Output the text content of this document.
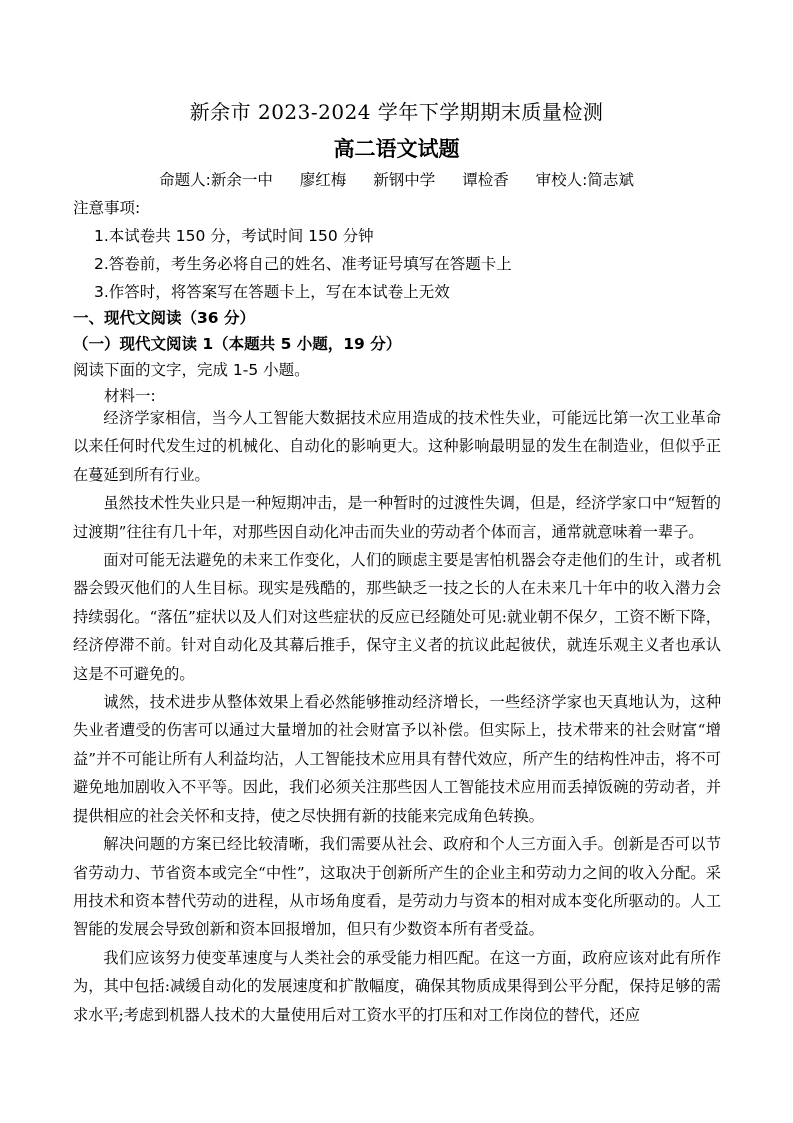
新余市 2023-2024 学年下学期期末质量检测
高二语文试题
命题人:新余一中 廖红梅 新钢中学 谭检香 审校人:简志斌
注意事项:
1.本试卷共 150 分，考试时间 150 分钟
2.答卷前，考生务必将自己的姓名、准考证号填写在答题卡上
3.作答时，将答案写在答题卡上，写在本试卷上无效
一、现代文阅读（36 分）
（一）现代文阅读 1（本题共 5 小题，19 分）
阅读下面的文字，完成 1-5 小题。
材料一:

经济学家相信，当今人工智能大数据技术应用造成的技术性失业，可能远比第一次工业革命以来任何时代发生过的机械化、自动化的影响更大。这种影响最明显的发生在制造业，但似乎正在蔓延到所有行业。

虽然技术性失业只是一种短期冲击，是一种暂时的过渡性失调，但是，经济学家口中“短暂的过渡期”往往有几十年，对那些因自动化冲击而失业的劳动者个体而言，通常就意味着一辈子。

面对可能无法避免的未来工作变化，人们的顾虑主要是害怕机器会夺走他们的生计，或者机器会毁灭他们的人生目标。现实是残酷的，那些缺乏一技之长的人在未来几十年中的收入潜力会持续弱化。“落伍”症状以及人们对这些症状的反应已经随处可见:就业朝不保夕，工资不断下降，经济停滞不前。针对自动化及其幕后推手，保守主义者的抗议此起彼伏，就连乐观主义者也承认这是不可避免的。

诚然，技术进步从整体效果上看必然能够推动经济增长，一些经济学家也天真地认为，这种失业者遭受的伤害可以通过大量增加的社会财富予以补偿。但实际上，技术带来的社会财富“增益”并不可能让所有人利益均沾，人工智能技术应用具有替代效应，所产生的结构性冲击，将不可避免地加剧收入不平等。因此，我们必须关注那些因人工智能技术应用而丢掉饭碗的劳动者，并提供相应的社会关怀和支持，使之尽快拥有新的技能来完成角色转换。

解决问题的方案已经比较清晰，我们需要从社会、政府和个人三方面入手。创新是否可以节省劳动力、节省资本或完全“中性”，这取决于创新所产生的企业主和劳动力之间的收入分配。采用技术和资本替代劳动的进程，从市场角度看，是劳动力与资本的相对成本变化所驱动的。人工智能的发展会导致创新和资本回报增加，但只有少数资本所有者受益。

我们应该努力使变革速度与人类社会的承受能力相匹配。在这一方面，政府应该对此有所作为，其中包括:减缓自动化的发展速度和扩散幅度，确保其物质成果得到公平分配，保持足够的需求水平;考虑到机器人技术的大量使用后对工资水平的打压和对工作岗位的替代，还应
